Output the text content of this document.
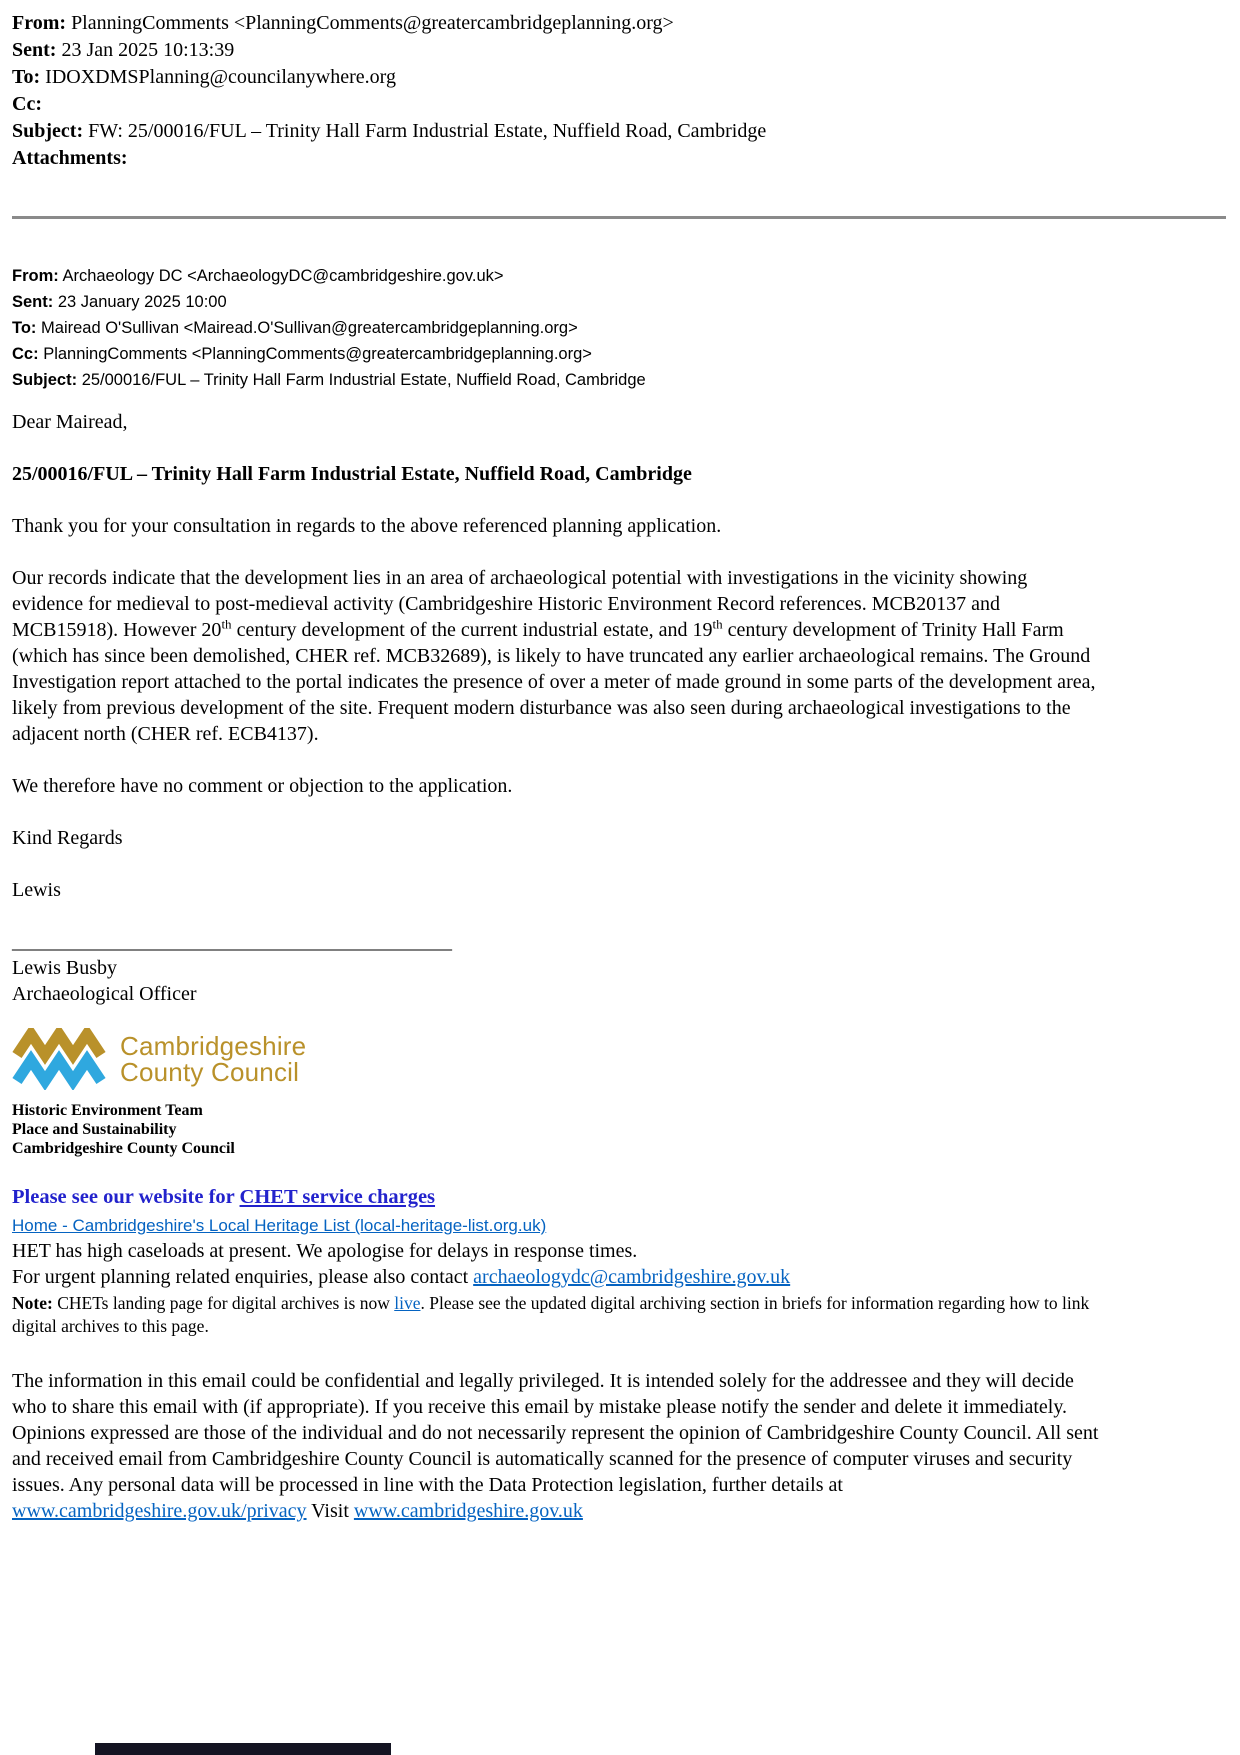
From: PlanningComments <PlanningComments@greatercambridgeplanning.org>
Sent: 23 Jan 2025 10:13:39
To: IDOXDMSPlanning@councilanywhere.org
Cc:
Subject: FW: 25/00016/FUL – Trinity Hall Farm Industrial Estate, Nuffield Road, Cambridge
Attachments:
From: Archaeology DC <ArchaeologyDC@cambridgeshire.gov.uk>
Sent: 23 January 2025 10:00
To: Mairead O'Sullivan <Mairead.O'Sullivan@greatercambridgeplanning.org>
Cc: PlanningComments <PlanningComments@greatercambridgeplanning.org>
Subject: 25/00016/FUL – Trinity Hall Farm Industrial Estate, Nuffield Road, Cambridge

Dear Mairead,

25/00016/FUL – Trinity Hall Farm Industrial Estate, Nuffield Road, Cambridge

Thank you for your consultation in regards to the above referenced planning application.

Our records indicate that the development lies in an area of archaeological potential with investigations in the vicinity showing evidence for medieval to post-medieval activity (Cambridgeshire Historic Environment Record references. MCB20137 and MCB15918). However 20th century development of the current industrial estate, and 19th century development of Trinity Hall Farm (which has since been demolished, CHER ref. MCB32689), is likely to have truncated any earlier archaeological remains. The Ground Investigation report attached to the portal indicates the presence of over a meter of made ground in some parts of the development area, likely from previous development of the site. Frequent modern disturbance was also seen during archaeological investigations to the adjacent north (CHER ref. ECB4137).

We therefore have no comment or objection to the application.

Kind Regards

Lewis

____________________________________________

Lewis Busby
Archaeological Officer
Cambridgeshire
County Council
Historic Environment Team
Place and Sustainability
Cambridgeshire County Council
Please see our website for CHET service charges
Home - Cambridgeshire's Local Heritage List (local-heritage-list.org.uk)
HET has high caseloads at present. We apologise for delays in response times.
For urgent planning related enquiries, please also contact archaeologydc@cambridgeshire.gov.uk
Note: CHETs landing page for digital archives is now live. Please see the updated digital archiving section in briefs for information regarding how to link digital archives to this page.

The information in this email could be confidential and legally privileged. It is intended solely for the addressee and they will decide who to share this email with (if appropriate). If you receive this email by mistake please notify the sender and delete it immediately. Opinions expressed are those of the individual and do not necessarily represent the opinion of Cambridgeshire County Council. All sent and received email from Cambridgeshire County Council is automatically scanned for the presence of computer viruses and security issues. Any personal data will be processed in line with the Data Protection legislation, further details at www.cambridgeshire.gov.uk/privacy Visit www.cambridgeshire.gov.uk
